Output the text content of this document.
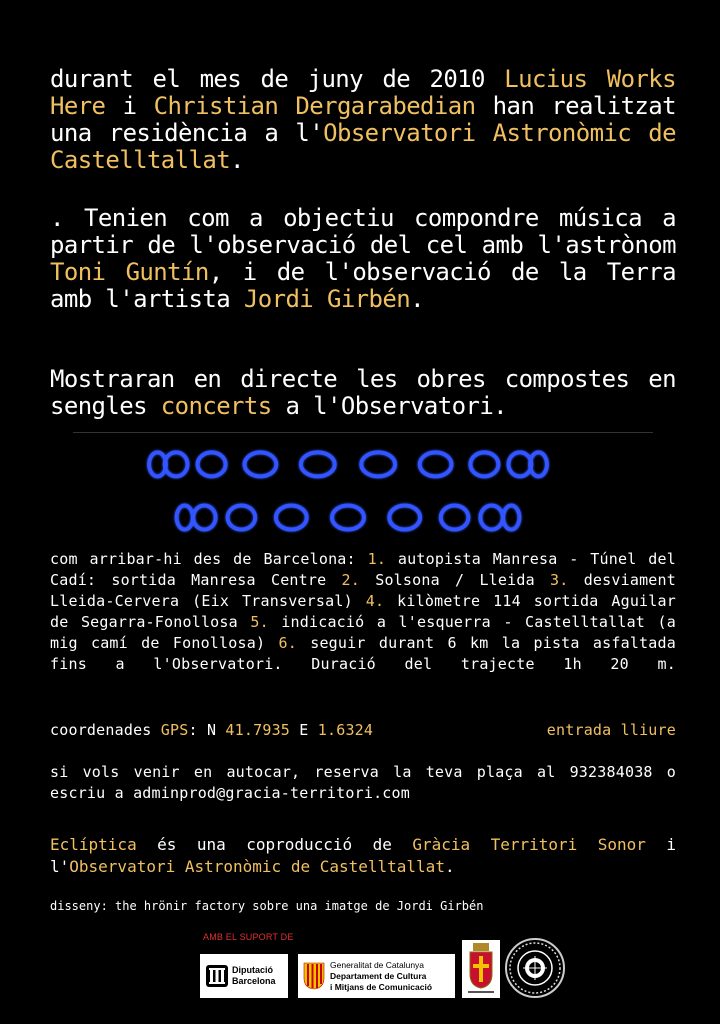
durant el mes de juny de 2010 Lucius Works Here i Christian Dergarabedian han realitzat una residència a l'Observatori Astronòmic de Castelltallat.
. Tenien com a objectiu compondre música a partir de l'observació del cel amb l'astrònom Toni Guntín, i de l'observació de la Terra amb l'artista Jordi Girbén.
Mostraran en directe les obres compostes en sengles concerts a l'Observatori.
com arribar-hi des de Barcelona: 1. autopista Manresa - Túnel del Cadí: sortida Manresa Centre 2. Solsona / Lleida 3. desviament Lleida-Cervera (Eix Transversal) 4. kilòmetre 114 sortida Aguilar de Segarra-Fonollosa 5. indicació a l'esquerra - Castelltallat (a mig camí de Fonollosa) 6. seguir durant 6 km la pista asfaltada fins a l'Observatori. Duració del trajecte 1h 20 m.
coordenades GPS: N 41.7935 E 1.6324	entrada lliure
si vols venir en autocar, reserva la teva plaça al 932384038 o escriu a adminprod@gracia-territori.com
Eclíptica és una coproducció de Gràcia Territori Sonor i l'Observatori Astronòmic de Castelltallat.
disseny: the hrönir factory sobre una imatge de Jordi Girbén
AMB EL SUPORT DE
Diputació
Barcelona
Generalitat de Catalunya
Departament de Cultura
i Mitjans de Comunicació
